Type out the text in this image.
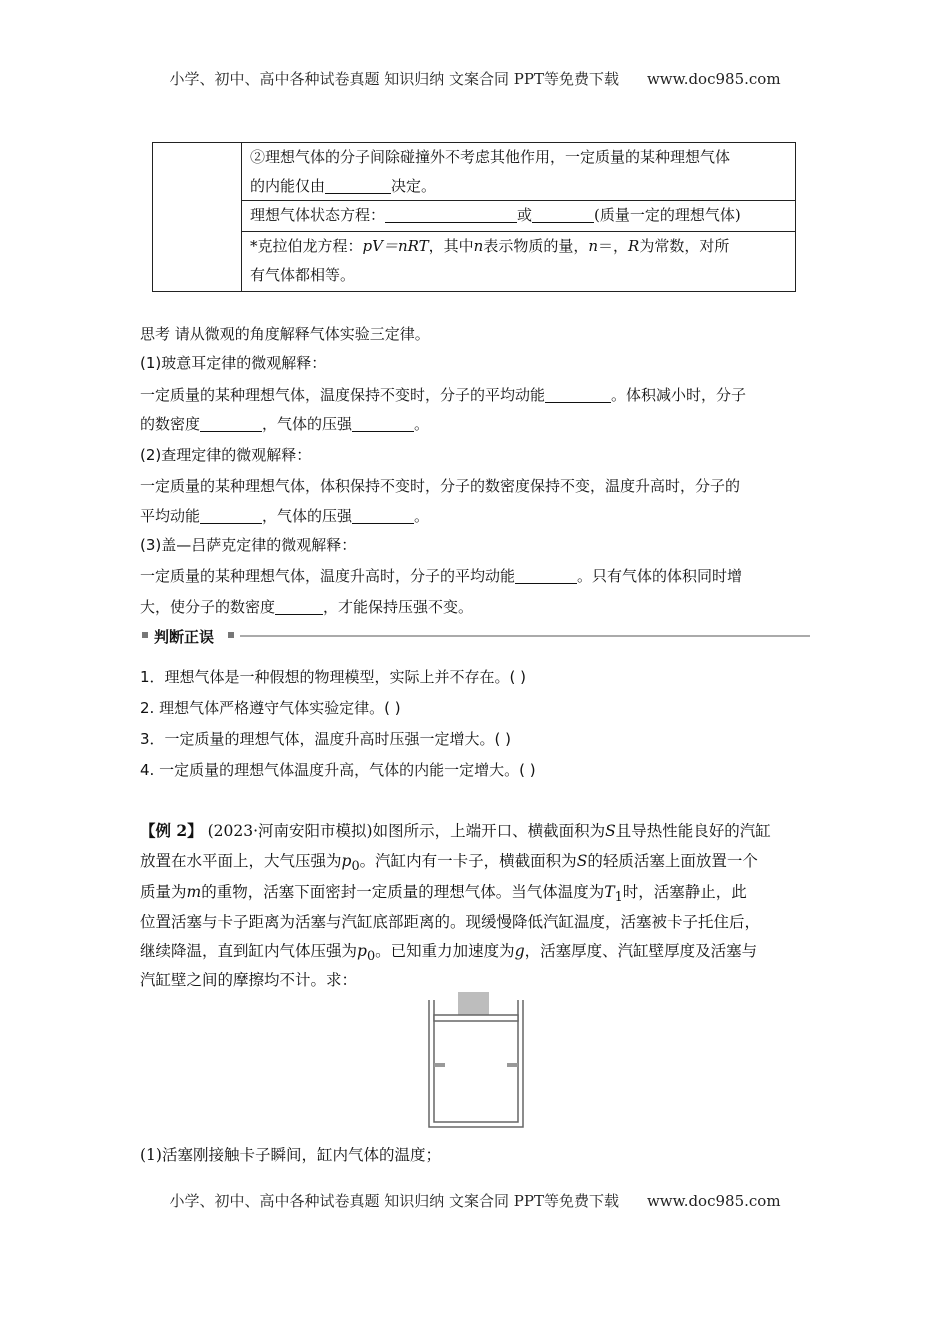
小学、初中、高中各种试卷真题 知识归纳 文案合同 PPT等免费下载 www.doc985.com
②理想气体的分子间除碰撞外不考虑其他作用，一定质量的某种理想气体
的内能仅由	决定。
理想气体状态方程：	或	(质量一定的理想气体)
*克拉伯龙方程：pV＝nRT，其中n表示物质的量，n＝，R为常数，对所
有气体都相等。
思考 请从微观的角度解释气体实验三定律。
(1)玻意耳定律的微观解释：
一定质量的某种理想气体，温度保持不变时，分子的平均动能	。体积减小时，分子
的数密度	，气体的压强	。
(2)查理定律的微观解释：
一定质量的某种理想气体，体积保持不变时，分子的数密度保持不变，温度升高时，分子的
平均动能	，气体的压强	。
(3)盖—吕萨克定律的微观解释：
一定质量的某种理想气体，温度升高时，分子的平均动能	。只有气体的体积同时增
大，使分子的数密度	，才能保持压强不变。
判断正误
1．理想气体是一种假想的物理模型，实际上并不存在。( )
2. 理想气体严格遵守气体实验定律。( )
3．一定质量的理想气体，温度升高时压强一定增大。( )
4. 一定质量的理想气体温度升高，气体的内能一定增大。( )
【例 2】 (2023·河南安阳市模拟)如图所示，上端开口、横截面积为S且导热性能良好的汽缸
放置在水平面上，大气压强为$p_0$。汽缸内有一卡子，横截面积为S的轻质活塞上面放置一个
质量为m的重物，活塞下面密封一定质量的理想气体。当气体温度为$T_1$时，活塞静止，此
位置活塞与卡子距离为活塞与汽缸底部距离的。现缓慢降低汽缸温度，活塞被卡子托住后，
继续降温，直到缸内气体压强为$p_0$。已知重力加速度为g，活塞厚度、汽缸壁厚度及活塞与
汽缸壁之间的摩擦均不计。求：
(1)活塞刚接触卡子瞬间，缸内气体的温度；
小学、初中、高中各种试卷真题 知识归纳 文案合同 PPT等免费下载 www.doc985.com
